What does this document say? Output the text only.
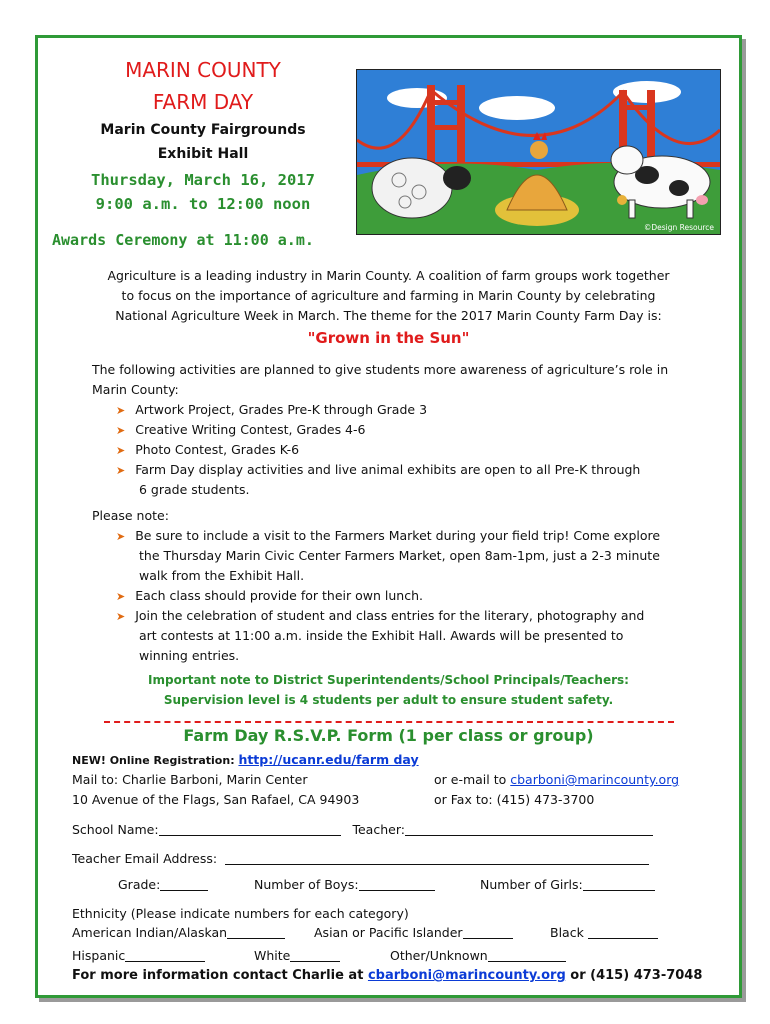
MARIN COUNTY
FARM DAY
Marin County Fairgrounds
Exhibit Hall
Thursday, March 16, 2017
9:00 a.m. to 12:00 noon
Awards Ceremony at 11:00 a.m.
©Design Resource
Agriculture is a leading industry in Marin County. A coalition of farm groups work together
to focus on the importance of agriculture and farming in Marin County by celebrating
National Agriculture Week in March. The theme for the 2017 Marin County Farm Day is:
"Grown in the Sun"
The following activities are planned to give students more awareness of agriculture’s role in
Marin County:
➤ Artwork Project, Grades Pre-K through Grade 3
➤ Creative Writing Contest, Grades 4-6
➤ Photo Contest, Grades K-6
➤ Farm Day display activities and live animal exhibits are open to all Pre-K through
6 grade students.
Please note:
➤ Be sure to include a visit to the Farmers Market during your field trip! Come explore
the Thursday Marin Civic Center Farmers Market, open 8am-1pm, just a 2-3 minute
walk from the Exhibit Hall.
➤ Each class should provide for their own lunch.
➤ Join the celebration of student and class entries for the literary, photography and
art contests at 11:00 a.m. inside the Exhibit Hall. Awards will be presented to
winning entries.
Important note to District Superintendents/School Principals/Teachers:
Supervision level is 4 students per adult to ensure student safety.
Farm Day R.S.V.P. Form (1 per class or group)
NEW! Online Registration: http://ucanr.edu/farm day
Mail to: Charlie Barboni, Marin Center	or e-mail to cbarboni@marincounty.org
10 Avenue of the Flags, San Rafael, CA 94903	or Fax to: (415) 473-3700
School Name:	Teacher:
Teacher Email Address:
Grade:	Number of Boys:	Number of Girls:
Ethnicity (Please indicate numbers for each category)
American Indian/Alaskan	Asian or Pacific Islander	Black
Hispanic	White	Other/Unknown
For more information contact Charlie at cbarboni@marincounty.org or (415) 473-7048
